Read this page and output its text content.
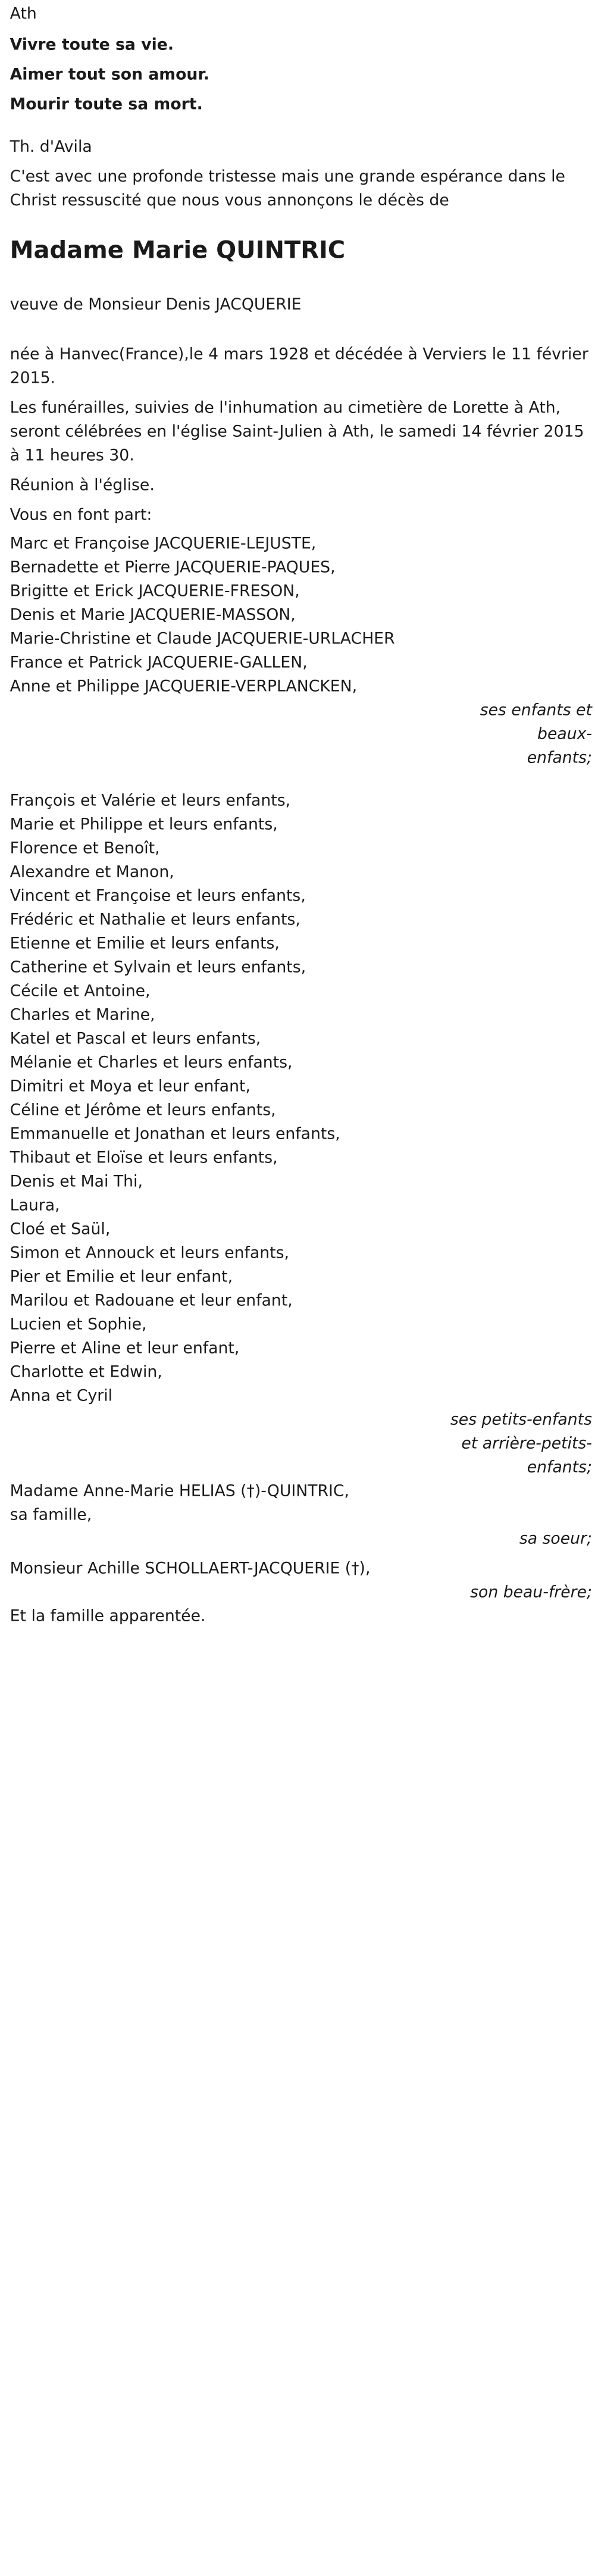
Ath

Vivre toute sa vie.

Aimer tout son amour.

Mourir toute sa mort.

Th. d'Avila

C'est avec une profonde tristesse mais une grande espérance dans le Christ ressuscité que nous vous annonçons le décès de

Madame Marie QUINTRIC

veuve de Monsieur Denis JACQUERIE

née à Hanvec(France),le 4 mars 1928 et décédée à Verviers le 11 février 2015.

Les funérailles, suivies de l'inhumation au cimetière de Lorette à Ath, seront célébrées en l'église Saint-Julien à Ath, le samedi 14 février 2015 à 11 heures 30.

Réunion à l'église.

Vous en font part:

Marc et Françoise JACQUERIE-LEJUSTE,

Bernadette et Pierre JACQUERIE-PAQUES,

Brigitte et Erick JACQUERIE-FRESON,

Denis et Marie JACQUERIE-MASSON,

Marie-Christine et Claude JACQUERIE-URLACHER

France et Patrick JACQUERIE-GALLEN,

Anne et Philippe JACQUERIE-VERPLANCKEN,

ses enfants et beaux-enfants;

François et Valérie et leurs enfants,

Marie et Philippe et leurs enfants,

Florence et Benoît,

Alexandre et Manon,

Vincent et Françoise et leurs enfants,

Frédéric et Nathalie et leurs enfants,

Etienne et Emilie et leurs enfants,

Catherine et Sylvain et leurs enfants,

Cécile et Antoine,

Charles et Marine,

Katel et Pascal et leurs enfants,

Mélanie et Charles et leurs enfants,

Dimitri et Moya et leur enfant,

Céline et Jérôme et leurs enfants,

Emmanuelle et Jonathan et leurs enfants,

Thibaut et Eloïse et leurs enfants,

Denis et Mai Thi,

Laura,

Cloé et Saül,

Simon et Annouck et leurs enfants,

Pier et Emilie et leur enfant,

Marilou et Radouane et leur enfant,

Lucien et Sophie,

Pierre et Aline et leur enfant,

Charlotte et Edwin,

Anna et Cyril

ses petits-enfants et arrière-petits-enfants;

Madame Anne-Marie HELIAS (†)-QUINTRIC,

sa famille,

sa soeur;

Monsieur Achille SCHOLLAERT-JACQUERIE (†),

son beau-frère;

Et la famille apparentée.
